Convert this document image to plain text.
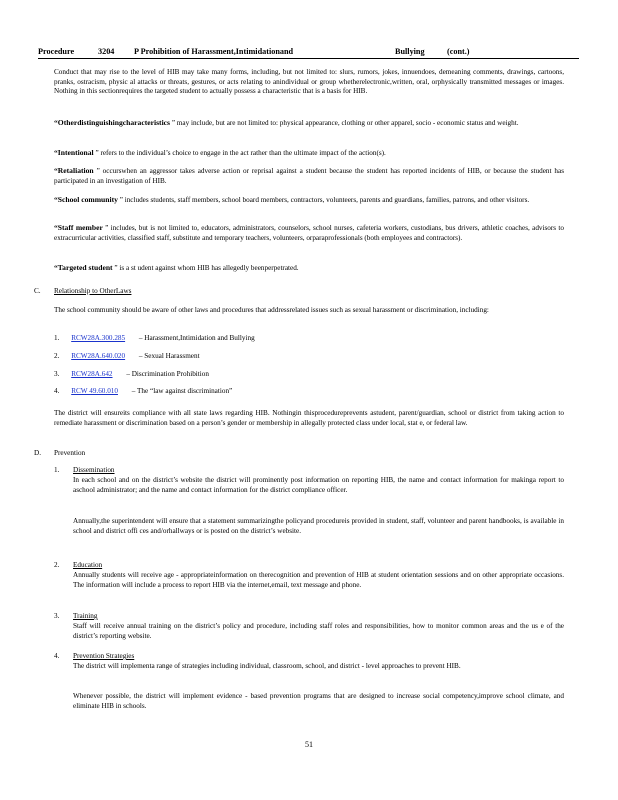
Procedure	3204 P Prohibition of Harassment,Intimidationand	Bullying	(cont.)

Conduct that may rise to the level of HIB may take many forms, including, but not limited to: slurs, rumors, jokes, innuendoes, demeaning comments, drawings, cartoons, pranks, ostracism, physic al attacks or threats, gestures, or acts relating to anindividual or group whetherelectronic,written, oral, orphysically transmitted messages or images. Nothing in this sectionrequires the targeted student to actually possess a characteristic that is a basis for HIB.

“Otherdistinguishingcharacteristics ” may include, but are not limited to: physical appearance, clothing or other apparel, socio - economic status and weight.

“Intentional ” refers to the individual’s choice to engage in the act rather than the ultimate impact of the action(s).

“Retaliation ” occurswhen an aggressor takes adverse action or reprisal against a student because the student has reported incidents of HIB, or because the student has participated in an investigation of HIB.

“School community ” includes students, staff members, school board members, contractors, volunteers, parents and guardians, families, patrons, and other visitors.

“Staff member ” includes, but is not limited to, educators, administrators, counselors, school nurses, cafeteria workers, custodians, bus drivers, athletic coaches, advisors to extracurricular activities, classified staff, substitute and temporary teachers, volunteers, orparaprofessionals (both employees and contractors).

“Targeted student ” is a st udent against whom HIB has allegedly beenperpetrated.

C. Relationship to OtherLaws

The school community should be aware of other laws and procedures that addressrelated issues such as sexual harassment or discrimination, including:

1. RCW28A.300.285 – Harassment,Intimidation and Bullying
2. RCW28A.640.020 – Sexual Harassment
3. RCW28A.642 – Discrimination Prohibition
4. RCW 49.60.010 – The “law against discrimination”

The district will ensureits compliance with all state laws regarding HIB. Nothingin thisprocedureprevents astudent, parent/guardian, school or district from taking action to remediate harassment or discrimination based on a person’s gender or membership in allegally protected class under local, stat e, or federal law.

D. Prevention
1. Dissemination

In each school and on the district’s website the district will prominently post information on reporting HIB, the name and contact information for makinga report to aschool administrator; and the name and contact information for the district compliance officer.

Annually,the superintendent will ensure that a statement summarizingthe policyand procedureis provided in student, staff, volunteer and parent handbooks, is available in school and district offi ces and/orhallways or is posted on the district’s website.

2. Education

Annually students will receive age - appropriateinformation on therecognition and prevention of HIB at student orientation sessions and on other appropriate occasions. The information will include a process to report HIB via the internet,email, text message and phone.

3. Training

Staff will receive annual training on the district’s policy and procedure, including staff roles and responsibilities, how to monitor common areas and the us e of the district’s reporting website.

4. Prevention Strategies

The district will implementa range of strategies including individual, classroom, school, and district - level approaches to prevent HIB.

Whenever possible, the district will implement evidence - based prevention programs that are designed to increase social competency,improve school climate, and eliminate HIB in schools.

51
